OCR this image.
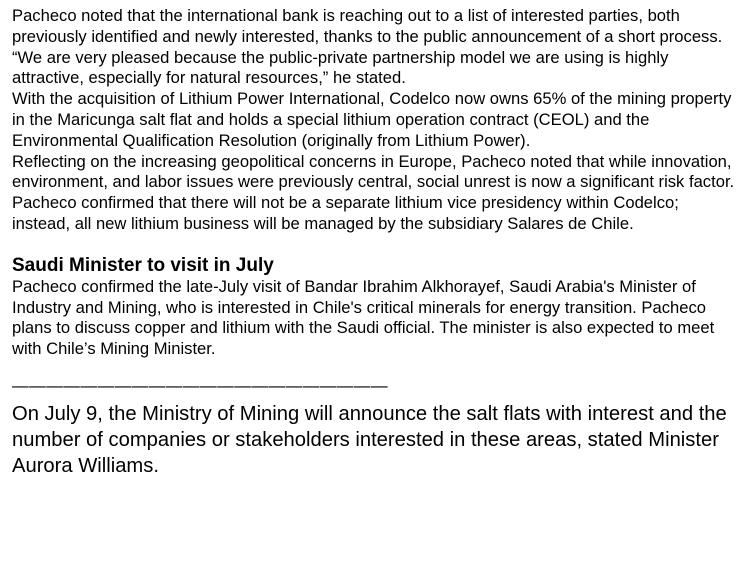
Pacheco noted that the international bank is reaching out to a list of interested parties, both previously identified and newly interested, thanks to the public announcement of a short process. “We are very pleased because the public-private partnership model we are using is highly attractive, especially for natural resources,” he stated.

With the acquisition of Lithium Power International, Codelco now owns 65% of the mining property in the Maricunga salt flat and holds a special lithium operation contract (CEOL) and the Environmental Qualification Resolution (originally from Lithium Power).

Reflecting on the increasing geopolitical concerns in Europe, Pacheco noted that while innovation, environment, and labor issues were previously central, social unrest is now a significant risk factor.

Pacheco confirmed that there will not be a separate lithium vice presidency within Codelco; instead, all new lithium business will be managed by the subsidiary Salares de Chile.

Saudi Minister to visit in July

Pacheco confirmed the late-July visit of Bandar Ibrahim Alkhorayef, Saudi Arabia's Minister of Industry and Mining, who is interested in Chile's critical minerals for energy transition. Pacheco plans to discuss copper and lithium with the Saudi official. The minister is also expected to meet with Chile’s Mining Minister.

——————————————————————

On July 9, the Ministry of Mining will announce the salt flats with interest and the number of companies or stakeholders interested in these areas, stated Minister Aurora Williams.
